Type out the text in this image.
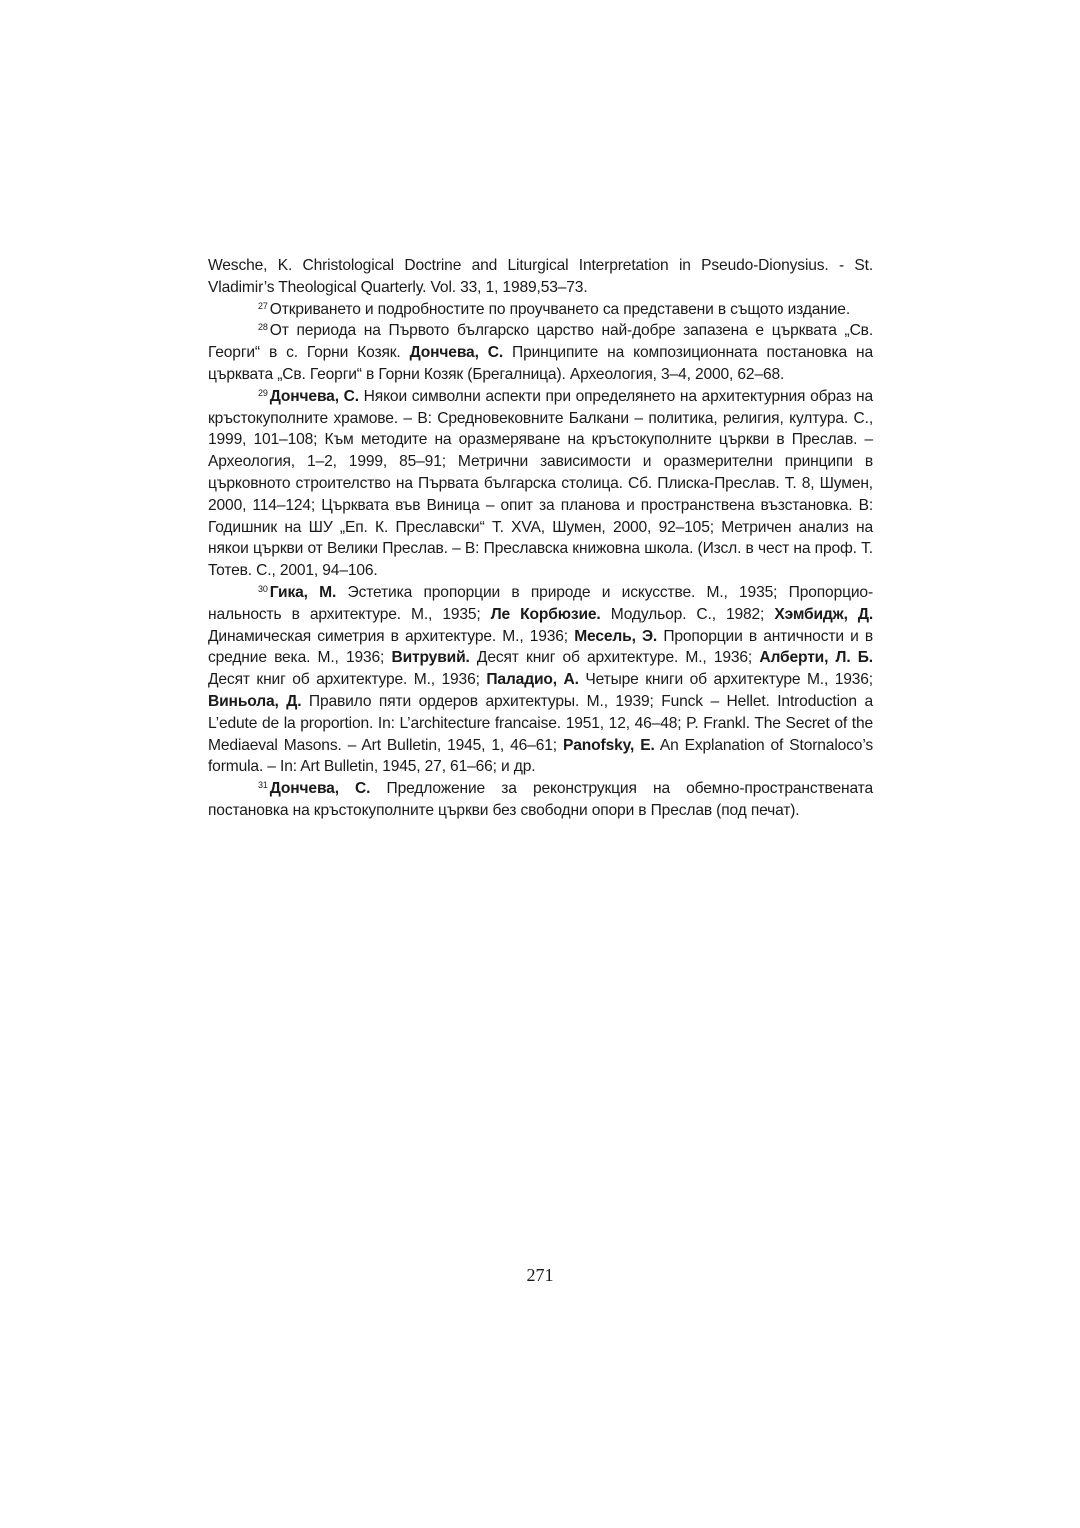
Wesche, K. Christological Doctrine and Liturgical Interpretation in Pseudo-Dionysius. - St. Vladimir’s Theological Quarterly. Vol. 33, 1, 1989,53–73.

$^{27}$ Откриването и подробностите по проучването са представени в същото издание.

$^{28}$ От периода на Първото българско царство най-добре запазена е църквата „Св. Георги“ в с. Горни Козяк. Дончева, С. Принципите на композиционната постановка на църквата „Св. Георги“ в Горни Козяк (Брегалница). Археология, 3–4, 2000, 62–68.

$^{29}$ Дончева, С. Някои символни аспекти при определянето на архитектурния образ на кръстокуполните храмове. – В: Средновековните Балкани – политика, религия, култура. С., 1999, 101–108; Към методите на оразмеряване на кръстокуполните църкви в Преслав. – Археология, 1–2, 1999, 85–91; Метрични зависимости и оразмерителни принципи в църковното строителство на Първата българска столица. Сб. Плиска-Преслав. Т. 8, Шумен, 2000, 114–124; Църквата във Виница – опит за планова и пространствена възстановка. В: Годишник на ШУ „Еп. К. Преславски“ Т. XVA, Шумен, 2000, 92–105; Метричен анализ на някои църкви от Велики Преслав. – В: Преславска книжовна школа. (Изсл. в чест на проф. Т. Тотев. С., 2001, 94–106.

$^{30}$ Гика, М. Эстетика пропорции в природе и искусстве. М., 1935; Пропорцио-нальность в архитектуре. М., 1935; Ле Корбюзие. Модульор. С., 1982; Хэмбидж, Д. Динамическая симетрия в архитектуре. М., 1936; Месель, Э. Пропорции в античности и в средние века. М., 1936; Витрувий. Десят книг об архитектуре. М., 1936; Алберти, Л. Б. Десят книг об архитектуре. М., 1936; Паладио, А. Четыре книги об архитектуре М., 1936; Виньола, Д. Правило пяти ордеров архитектуры. М., 1939; Funck – Hellet. Introduction a L’edute de la proportion. In: L’architecture francaise. 1951, 12, 46–48; P. Frankl. The Secret of the Mediaeval Masons. – Art Bulletin, 1945, 1, 46–61; Panofsky, E. An Explanation of Stornaloco’s formula. – In: Art Bulletin, 1945, 27, 61–66; и др.

$^{31}$ Дончева, С. Предложение за реконструкция на обемно-пространствената постановка на кръстокуполните църкви без свободни опори в Преслав (под печат).

271
